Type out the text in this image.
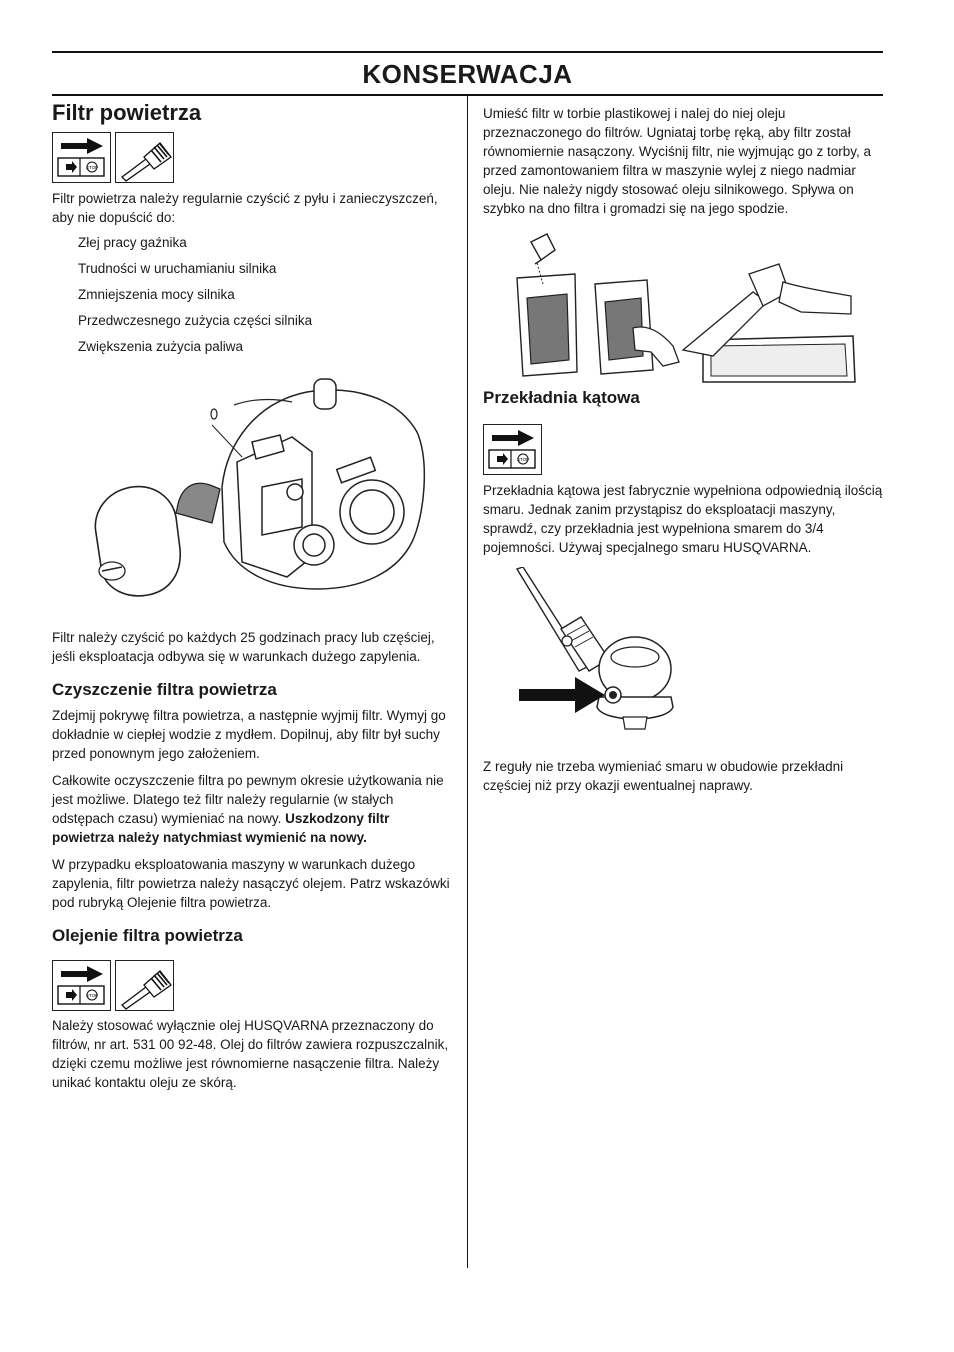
KONSERWACJA
Filtr powietrza
STOP

Filtr powietrza należy regularnie czyścić z pyłu i zanieczyszczeń, aby nie dopuścić do:

Złej pracy gaźnika
Trudności w uruchamianiu silnika
Zmniejszenia mocy silnika
Przedwczesnego zużycia części silnika
Zwiększenia zużycia paliwa

Filtr należy czyścić po każdych 25 godzinach pracy lub częściej, jeśli eksploatacja odbywa się w warunkach dużego zapylenia.

Czyszczenie filtra powietrza

Zdejmij pokrywę filtra powietrza, a następnie wyjmij filtr. Wymyj go dokładnie w ciepłej wodzie z mydłem. Dopilnuj, aby filtr był suchy przed ponownym jego założeniem.

Całkowite oczyszczenie filtra po pewnym okresie użytkowania nie jest możliwe. Dlatego też filtr należy regularnie (w stałych odstępach czasu) wymieniać na nowy. Uszkodzony filtr powietrza należy natychmiast wymienić na nowy.

W przypadku eksploatowania maszyny w warunkach dużego zapylenia, filtr powietrza należy nasączyć olejem. Patrz wskazówki pod rubryką Olejenie filtra powietrza.

Olejenie filtra powietrza
STOP

Należy stosować wyłącznie olej HUSQVARNA przeznaczony do filtrów, nr art. 531 00 92-48. Olej do filtrów zawiera rozpuszczalnik, dzięki czemu możliwe jest równomierne nasączenie filtra. Należy unikać kontaktu oleju ze skórą.

Umieść filtr w torbie plastikowej i nalej do niej oleju przeznaczonego do filtrów. Ugniataj torbę ręką, aby filtr został równomiernie nasączony. Wyciśnij filtr, nie wyjmując go z torby, a przed zamontowaniem filtra w maszynie wylej z niego nadmiar oleju. Nie należy nigdy stosować oleju silnikowego. Spływa on szybko na dno filtra i gromadzi się na jego spodzie.

Przekładnia kątowa
STOP

Przekładnia kątowa jest fabrycznie wypełniona odpowiednią ilością smaru. Jednak zanim przystąpisz do eksploatacji maszyny, sprawdź, czy przekładnia jest wypełniona smarem do 3/4 pojemności. Używaj specjalnego smaru HUSQVARNA.

Z reguły nie trzeba wymieniać smaru w obudowie przekładni częściej niż przy okazji ewentualnej naprawy.
